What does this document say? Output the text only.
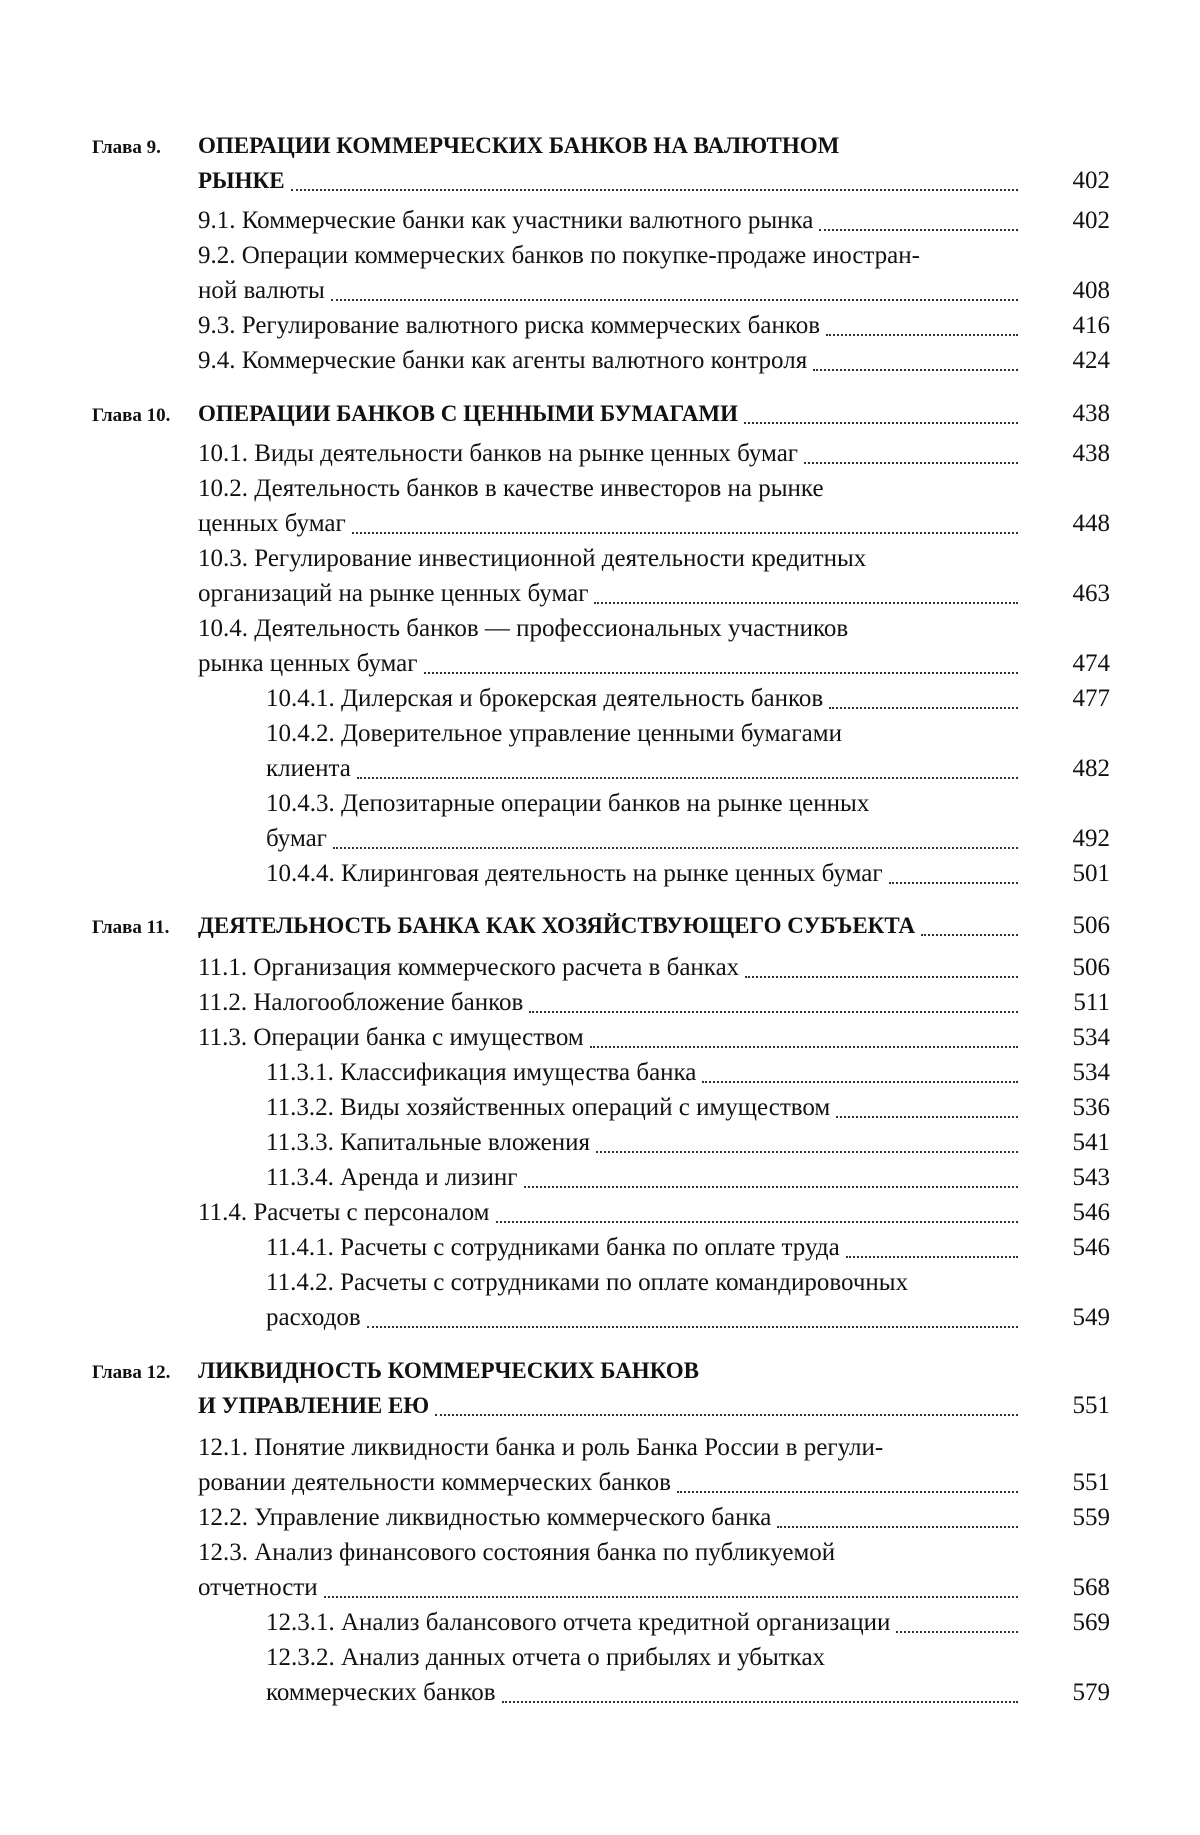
Глава 9. ОПЕРАЦИИ КОММЕРЧЕСКИХ БАНКОВ НА ВАЛЮТНОМ
РЫНКЕ	402
9.1. Коммерческие банки как участники валютного рынка	402
9.2. Операции коммерческих банков по покупке-продаже иностран-
ной валюты	408
9.3. Регулирование валютного риска коммерческих банков	416
9.4. Коммерческие банки как агенты валютного контроля	424
Глава 10. ОПЕРАЦИИ БАНКОВ С ЦЕННЫМИ БУМАГАМИ	438
10.1. Виды деятельности банков на рынке ценных бумаг	438
10.2. Деятельность банков в качестве инвесторов на рынке
ценных бумаг	448
10.3. Регулирование инвестиционной деятельности кредитных
организаций на рынке ценных бумаг	463
10.4. Деятельность банков — профессиональных участников
рынка ценных бумаг	474
10.4.1. Дилерская и брокерская деятельность банков	477
10.4.2. Доверительное управление ценными бумагами
клиента	482
10.4.3. Депозитарные операции банков на рынке ценных
бумаг	492
10.4.4. Клиринговая деятельность на рынке ценных бумаг	501
Глава 11. ДЕЯТЕЛЬНОСТЬ БАНКА КАК ХОЗЯЙСТВУЮЩЕГО СУБЪЕКТА	506
11.1. Организация коммерческого расчета в банках	506
11.2. Налогообложение банков	511
11.3. Операции банка с имуществом	534
11.3.1. Классификация имущества банка	534
11.3.2. Виды хозяйственных операций с имуществом	536
11.3.3. Капитальные вложения	541
11.3.4. Аренда и лизинг	543
11.4. Расчеты с персоналом	546
11.4.1. Расчеты с сотрудниками банка по оплате труда	546
11.4.2. Расчеты с сотрудниками по оплате командировочных
расходов	549
Глава 12. ЛИКВИДНОСТЬ КОММЕРЧЕСКИХ БАНКОВ
И УПРАВЛЕНИЕ ЕЮ	551
12.1. Понятие ликвидности банка и роль Банка России в регули-
ровании деятельности коммерческих банков	551
12.2. Управление ликвидностью коммерческого банка	559
12.3. Анализ финансового состояния банка по публикуемой
отчетности	568
12.3.1. Анализ балансового отчета кредитной организации	569
12.3.2. Анализ данных отчета о прибылях и убытках
коммерческих банков	579
